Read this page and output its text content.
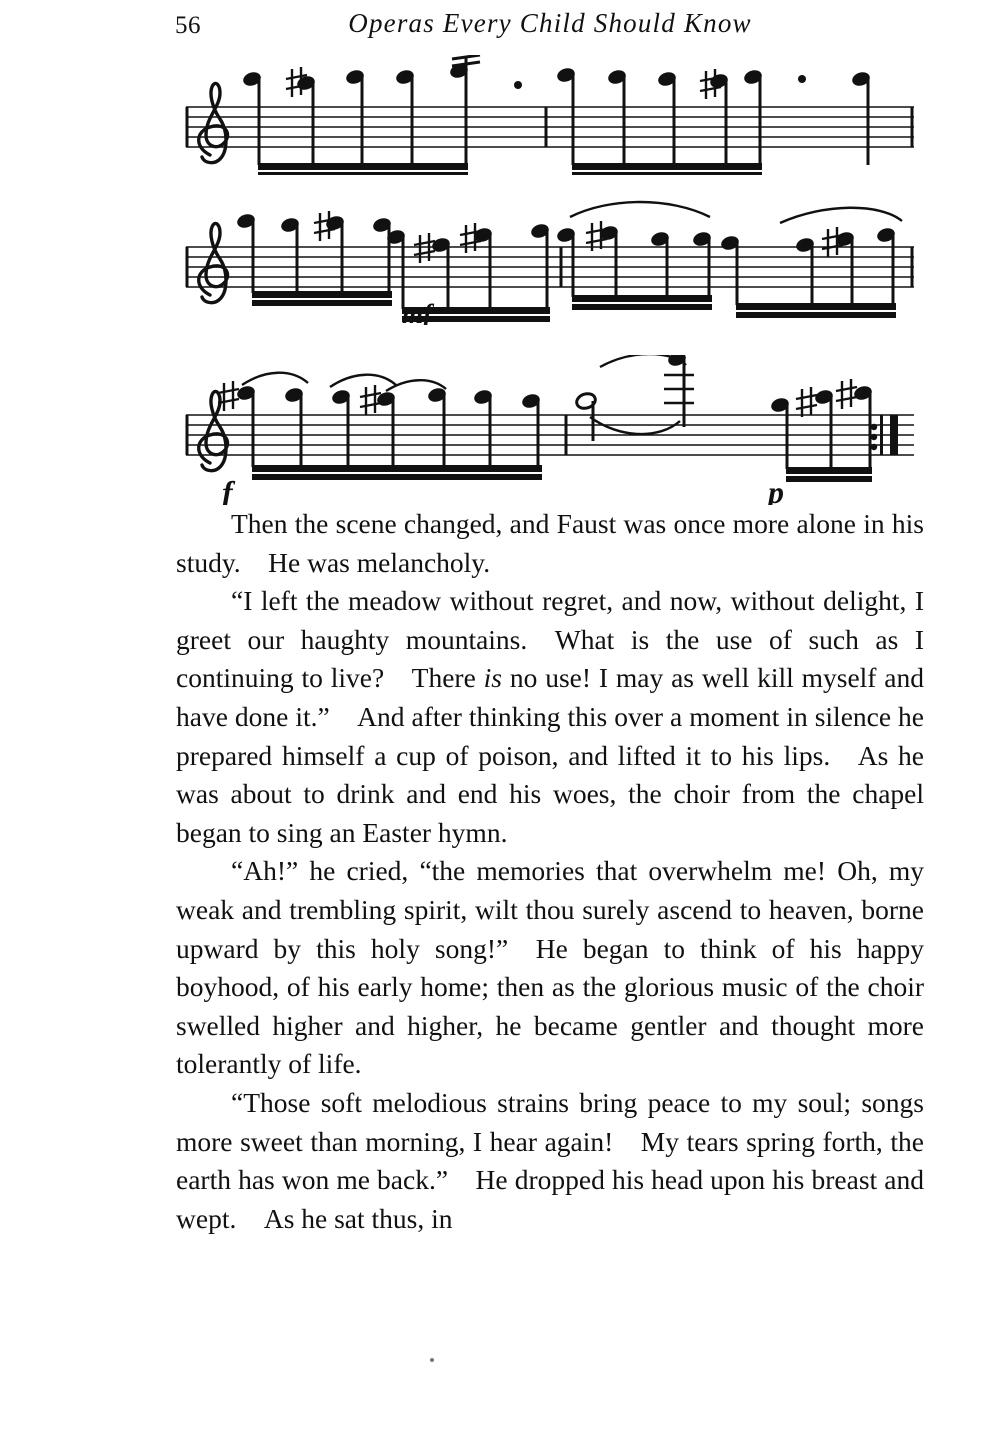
56	Operas Every Child Should Know
mf
f	p

Then the scene changed, and Faust was once more alone in his study. He was melancholy.

“I left the meadow without regret, and now, without delight, I greet our haughty mountains. What is the use of such as I continuing to live? There is no use! I may as well kill myself and have done it.” And after thinking this over a moment in silence he prepared himself a cup of poison, and lifted it to his lips. As he was about to drink and end his woes, the choir from the chapel began to sing an Easter hymn.

“Ah!” he cried, “the memories that overwhelm me! Oh, my weak and trembling spirit, wilt thou surely ascend to heaven, borne upward by this holy song!” He began to think of his happy boyhood, of his early home; then as the glorious music of the choir swelled higher and higher, he became gentler and thought more tolerantly of life.

“Those soft melodious strains bring peace to my soul; songs more sweet than morning, I hear again! My tears spring forth, the earth has won me back.” He dropped his head upon his breast and wept. As he sat thus, in
